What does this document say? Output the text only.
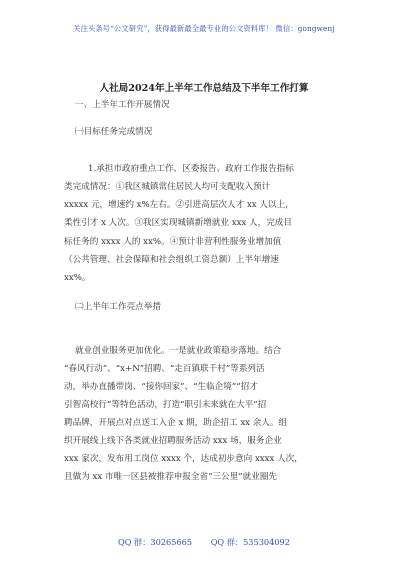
关注头条号“公文研究”，获得最新最全最专业的公文资料库！ 微信：gongwenj
人社局2024年上半年工作总结及下半年工作打算
一、上半年工作开展情况
㈠目标任务完成情况
1.承担市政府重点工作、区委报告、政府工作报告指标
类完成情况：①我区城镇常住居民人均可支配收入预计
xxxxx 元，增速约 x%左右。②引进高层次人才 xx 人以上，
柔性引才 x 人次。③我区实现城镇新增就业 xxx 人，完成目
标任务的 xxxx 人的 xx%。④预计非营利性服务业增加值
（公共管理、社会保障和社会组织工资总额）上半年增速
xx%。
㈡上半年工作亮点举措
就业创业服务更加优化。一是就业政策稳步落地。结合
“春风行动”、“x+N”招聘、“走百镇联千村”等系列活
动，举办直播带岗、“接你回家”、“生临企境”“招才
引智高校行”等特色活动，打造“职引未来就在大平”招
聘品牌，开展点对点送工入企 x 期，助企招工 xx 余人。组
织开展线上线下各类就业招聘服务活动 xxx 场，服务企业
xxx 家次，发布用工岗位 xxxx 个，达成初步意向 xxxx 人次，
且做为 xx 市唯一区县被推荐申报全省“三公里”就业圈先
QQ 群：30265665 QQ 群：535304092
